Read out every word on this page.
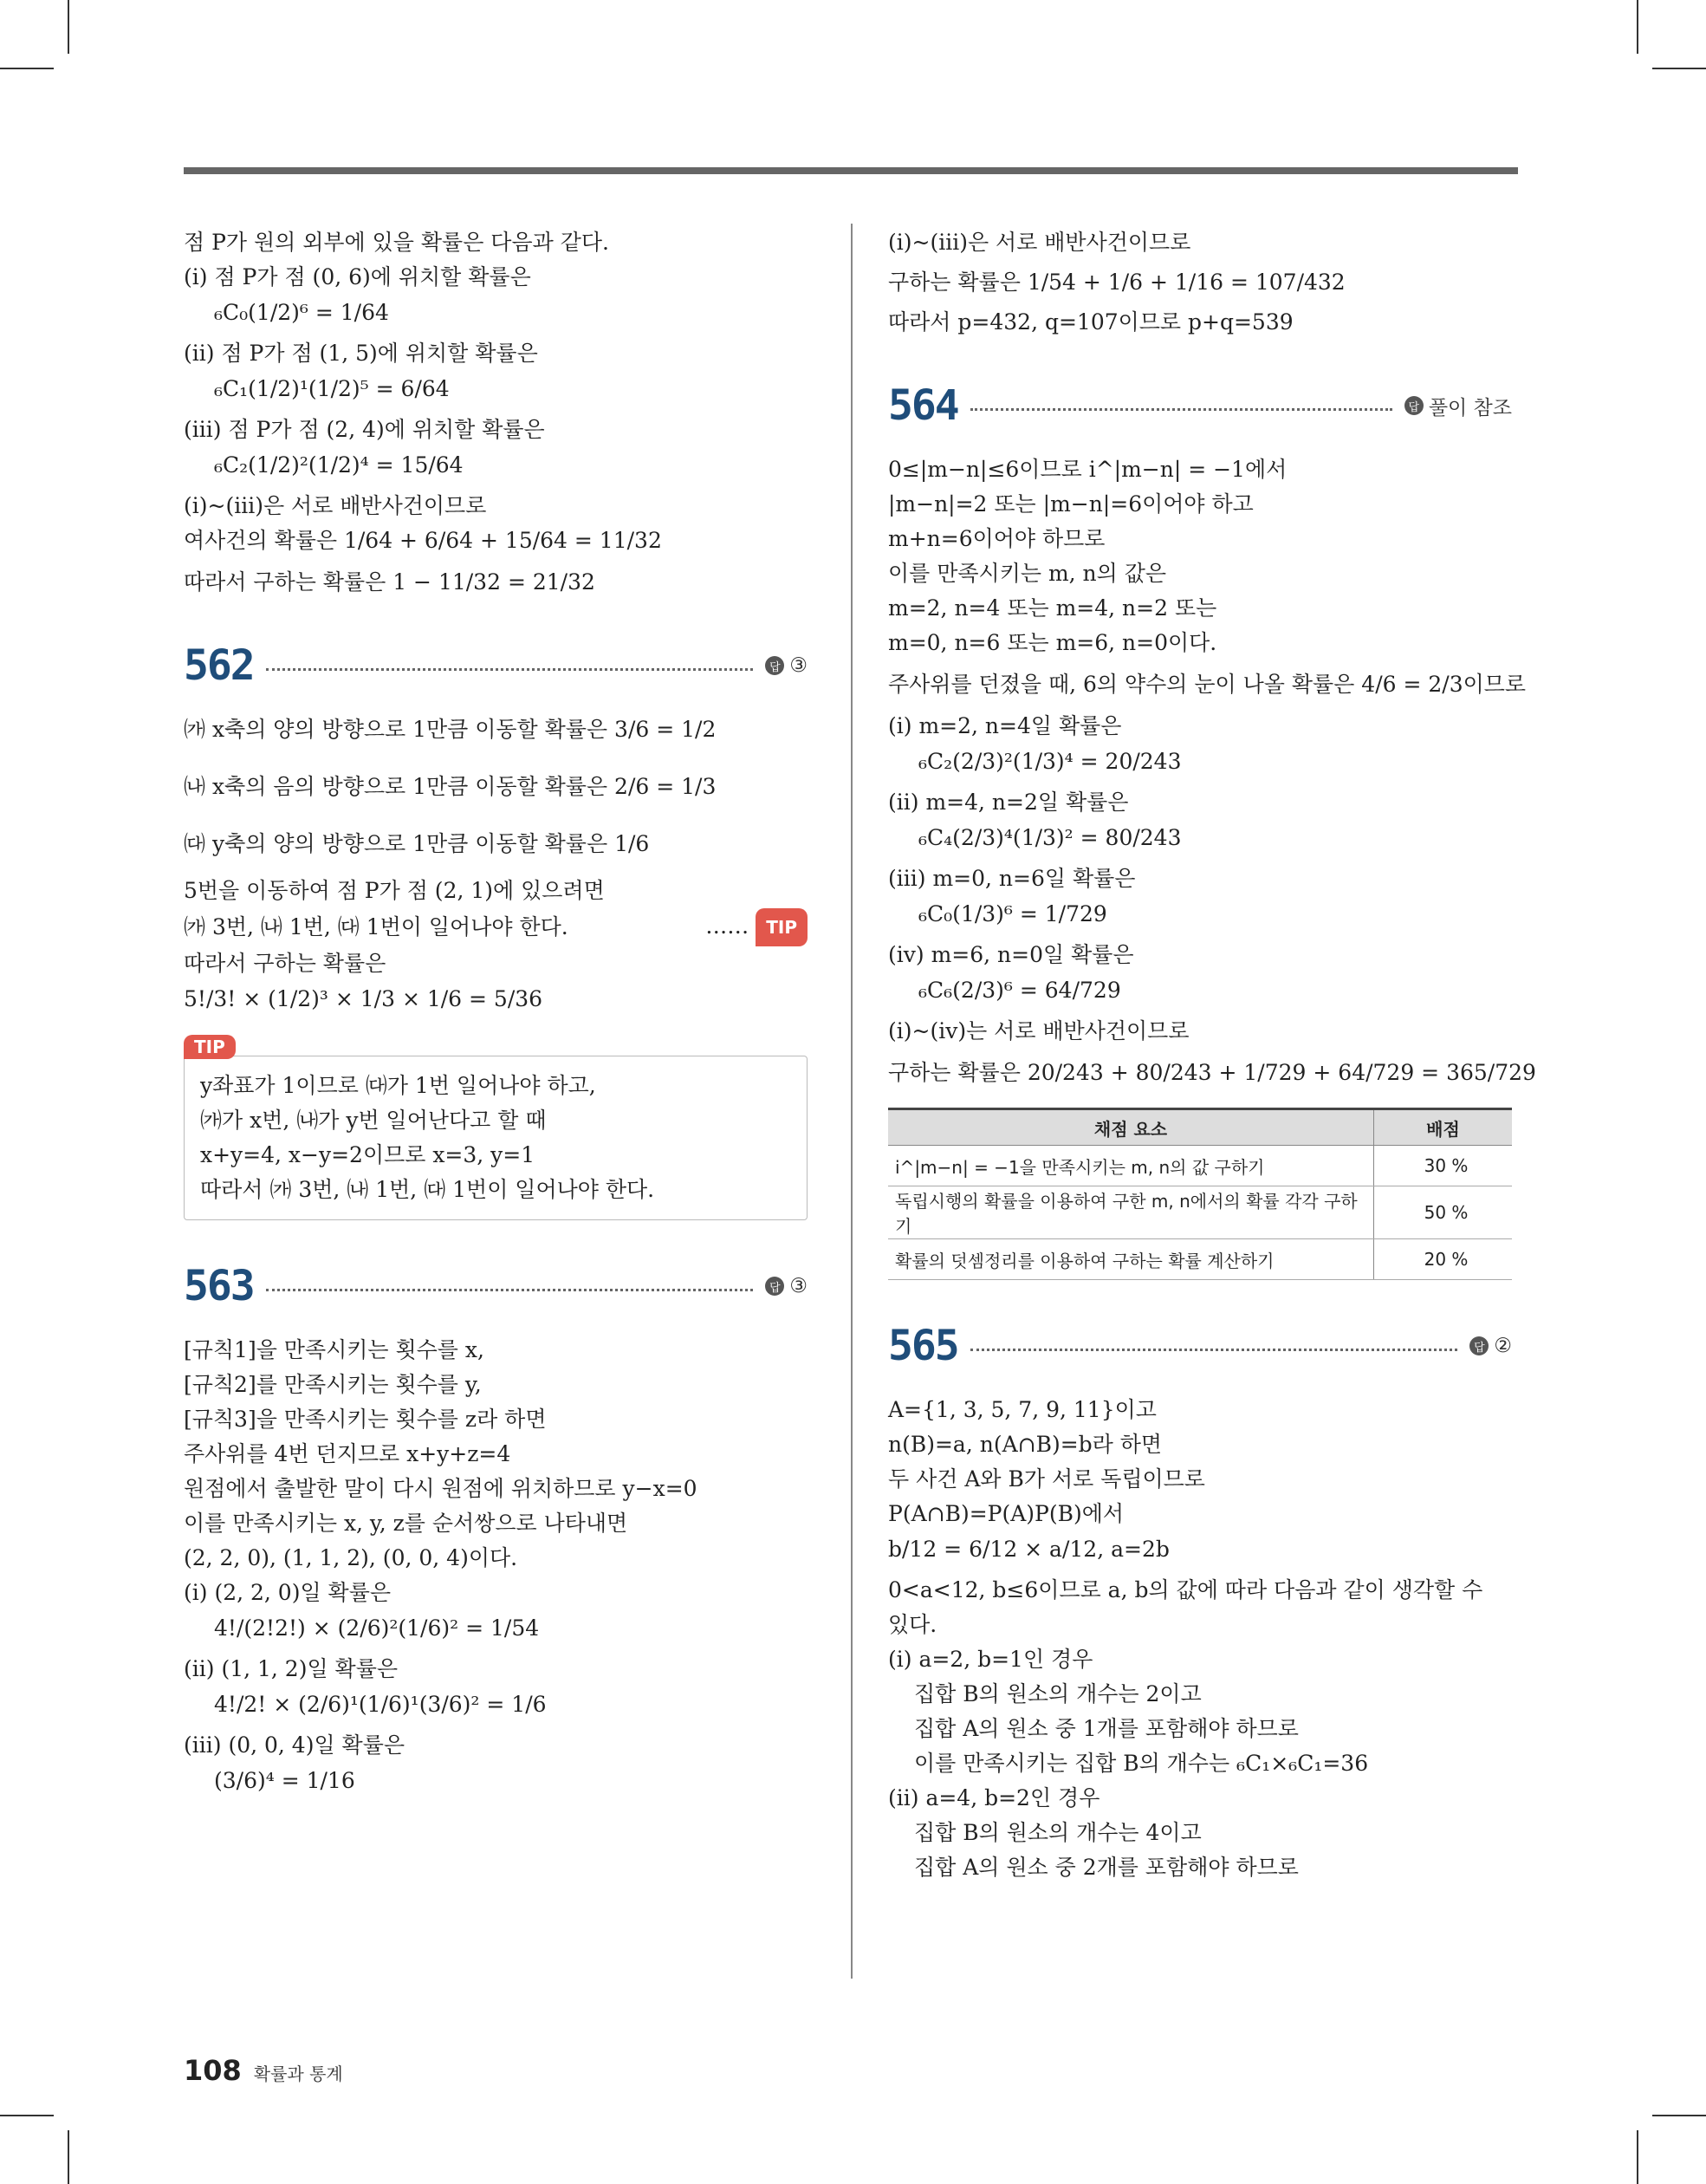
점 P가 원의 외부에 있을 확률은 다음과 같다.
(ⅰ) 점 P가 점 (0, 6)에 위치할 확률은
₆C₀(1/2)⁶ = 1/64
(ⅱ) 점 P가 점 (1, 5)에 위치할 확률은
₆C₁(1/2)¹(1/2)⁵ = 6/64
(ⅲ) 점 P가 점 (2, 4)에 위치할 확률은
₆C₂(1/2)²(1/2)⁴ = 15/64
(ⅰ)~(ⅲ)은 서로 배반사건이므로
여사건의 확률은 1/64 + 6/64 + 15/64 = 11/32
따라서 구하는 확률은 1 − 11/32 = 21/32
562	답 ③
㈎ x축의 양의 방향으로 1만큼 이동할 확률은 3/6 = 1/2
㈏ x축의 음의 방향으로 1만큼 이동할 확률은 2/6 = 1/3
㈐ y축의 양의 방향으로 1만큼 이동할 확률은 1/6
5번을 이동하여 점 P가 점 (2, 1)에 있으려면
㈎ 3번, ㈏ 1번, ㈐ 1번이 일어나야 한다.	…… TIP
따라서 구하는 확률은
5!/3! × (1/2)³ × 1/3 × 1/6 = 5/36
TIP
y좌표가 1이므로 ㈐가 1번 일어나야 하고,
㈎가 x번, ㈏가 y번 일어난다고 할 때
x+y=4, x−y=2이므로 x=3, y=1
따라서 ㈎ 3번, ㈏ 1번, ㈐ 1번이 일어나야 한다.
563	답 ③
[규칙1]을 만족시키는 횟수를 x,
[규칙2]를 만족시키는 횟수를 y,
[규칙3]을 만족시키는 횟수를 z라 하면
주사위를 4번 던지므로 x+y+z=4
원점에서 출발한 말이 다시 원점에 위치하므로 y−x=0
이를 만족시키는 x, y, z를 순서쌍으로 나타내면
(2, 2, 0), (1, 1, 2), (0, 0, 4)이다.
(ⅰ) (2, 2, 0)일 확률은
4!/(2!2!) × (2/6)²(1/6)² = 1/54
(ⅱ) (1, 1, 2)일 확률은
4!/2! × (2/6)¹(1/6)¹(3/6)² = 1/6
(ⅲ) (0, 0, 4)일 확률은
(3/6)⁴ = 1/16
(ⅰ)~(ⅲ)은 서로 배반사건이므로
구하는 확률은 1/54 + 1/6 + 1/16 = 107/432
따라서 p=432, q=107이므로 p+q=539
564	답 풀이 참조
0≤|m−n|≤6이므로 i^|m−n| = −1에서
|m−n|=2 또는 |m−n|=6이어야 하고
m+n=6이어야 하므로
이를 만족시키는 m, n의 값은
m=2, n=4 또는 m=4, n=2 또는
m=0, n=6 또는 m=6, n=0이다.
주사위를 던졌을 때, 6의 약수의 눈이 나올 확률은 4/6 = 2/3이므로
(ⅰ) m=2, n=4일 확률은
₆C₂(2/3)²(1/3)⁴ = 20/243
(ⅱ) m=4, n=2일 확률은
₆C₄(2/3)⁴(1/3)² = 80/243
(ⅲ) m=0, n=6일 확률은
₆C₀(1/3)⁶ = 1/729
(ⅳ) m=6, n=0일 확률은
₆C₆(2/3)⁶ = 64/729
(ⅰ)~(ⅳ)는 서로 배반사건이므로
구하는 확률은 20/243 + 80/243 + 1/729 + 64/729 = 365/729
채점 요소	배점
i^|m−n| = −1을 만족시키는 m, n의 값 구하기	30 %
독립시행의 확률을 이용하여 구한 m, n에서의 확률 각각 구하기	50 %
확률의 덧셈정리를 이용하여 구하는 확률 계산하기	20 %
565	답 ②
A={1, 3, 5, 7, 9, 11}이고
n(B)=a, n(A∩B)=b라 하면
두 사건 A와 B가 서로 독립이므로
P(A∩B)=P(A)P(B)에서
b/12 = 6/12 × a/12, a=2b
0<a<12, b≤6이므로 a, b의 값에 따라 다음과 같이 생각할 수
있다.
(ⅰ) a=2, b=1인 경우
집합 B의 원소의 개수는 2이고
집합 A의 원소 중 1개를 포함해야 하므로
이를 만족시키는 집합 B의 개수는 ₆C₁×₆C₁=36
(ⅱ) a=4, b=2인 경우
집합 B의 원소의 개수는 4이고
집합 A의 원소 중 2개를 포함해야 하므로
108 확률과 통계
